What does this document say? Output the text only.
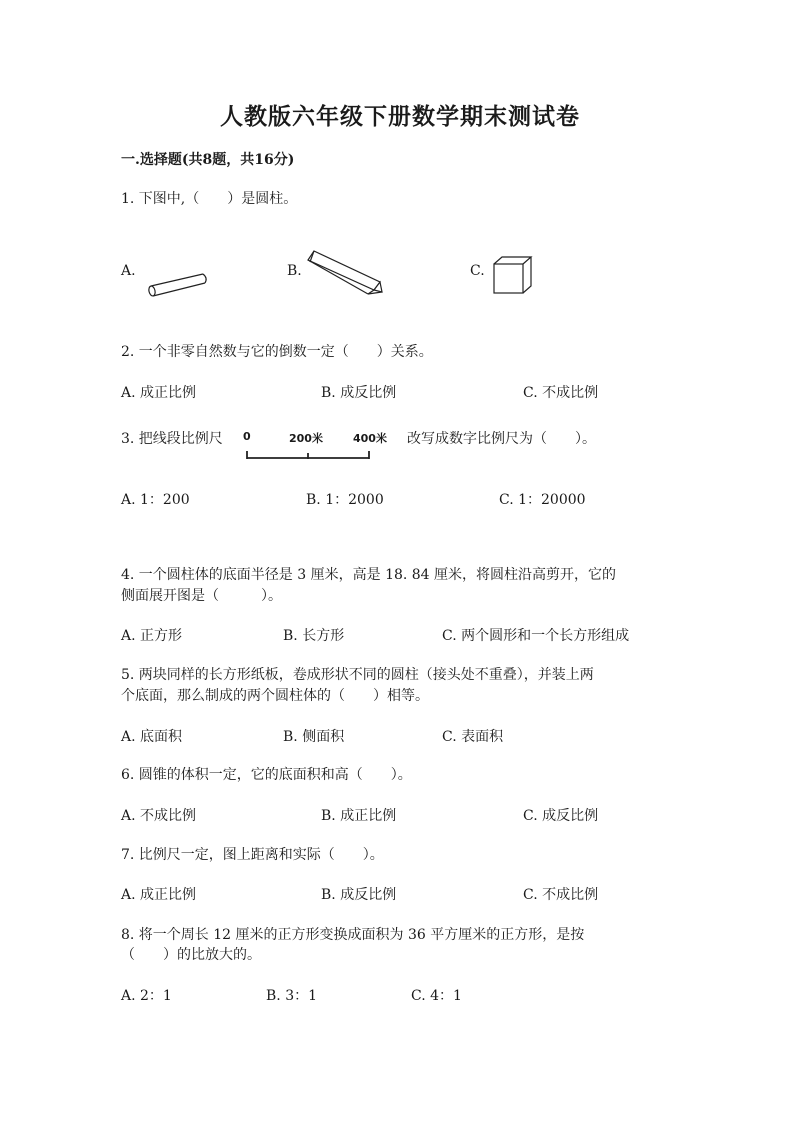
人教版六年级下册数学期末测试卷
一.选择题(共8题，共16分)
1. 下图中,（　　）是圆柱。
A.	B.	C.
2. 一个非零自然数与它的倒数一定（　　）关系。
A. 成正比例	B. 成反比例	C. 不成比例
3. 把线段比例尺 0	200米	400米 改写成数字比例尺为（　　）。
A. 1：200	B. 1：2000	C. 1：20000
4. 一个圆柱体的底面半径是 3 厘米，高是 18. 84 厘米，将圆柱沿高剪开，它的
侧面展开图是（　　　）。
A. 正方形	B. 长方形	C. 两个圆形和一个长方形组成
5. 两块同样的长方形纸板，卷成形状不同的圆柱（接头处不重叠），并装上两
个底面，那么制成的两个圆柱体的（　　）相等。
A. 底面积	B. 侧面积	C. 表面积
6. 圆锥的体积一定，它的底面积和高（　　）。
A. 不成比例	B. 成正比例	C. 成反比例
7. 比例尺一定，图上距离和实际（　　）。
A. 成正比例	B. 成反比例	C. 不成比例
8. 将一个周长 12 厘米的正方形变换成面积为 36 平方厘米的正方形，是按
（　　）的比放大的。
A. 2：1	B. 3：1	C. 4：1
